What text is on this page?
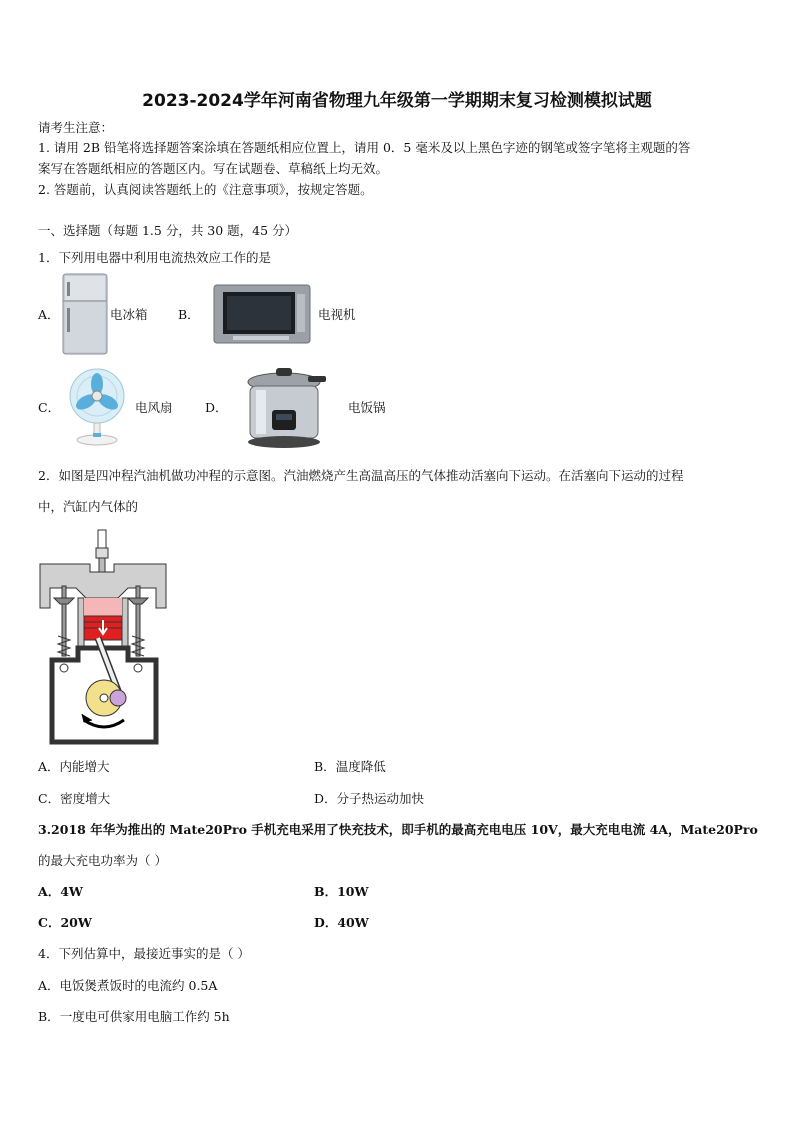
2023-2024学年河南省物理九年级第一学期期末复习检测模拟试题
请考生注意：
1. 请用 2B 铅笔将选择题答案涂填在答题纸相应位置上，请用 0．5 毫米及以上黑色字迹的钢笔或签字笔将主观题的答
案写在答题纸相应的答题区内。写在试题卷、草稿纸上均无效。
2. 答题前，认真阅读答题纸上的《注意事项》，按规定答题。
一、选择题（每题 1.5 分，共 30 题，45 分）
1．下列用电器中利用电流热效应工作的是
A．	电冰箱 B．	电视机
C．	电风扇	D．	电饭锅
2．如图是四冲程汽油机做功冲程的示意图。汽油燃烧产生高温高压的气体推动活塞向下运动。在活塞向下运动的过程
中，汽缸内气体的
A．内能增大	B．温度降低
C．密度增大	D．分子热运动加快
3.2018 年华为推出的 Mate20Pro 手机充电采用了快充技术，即手机的最高充电电压 10V，最大充电电流 4A，Mate20Pro
的最大充电功率为（ ）
A．4W	B．10W
C．20W	D．40W
4．下列估算中，最接近事实的是（ ）
A．电饭煲煮饭时的电流约 0.5A
B．一度电可供家用电脑工作约 5h
